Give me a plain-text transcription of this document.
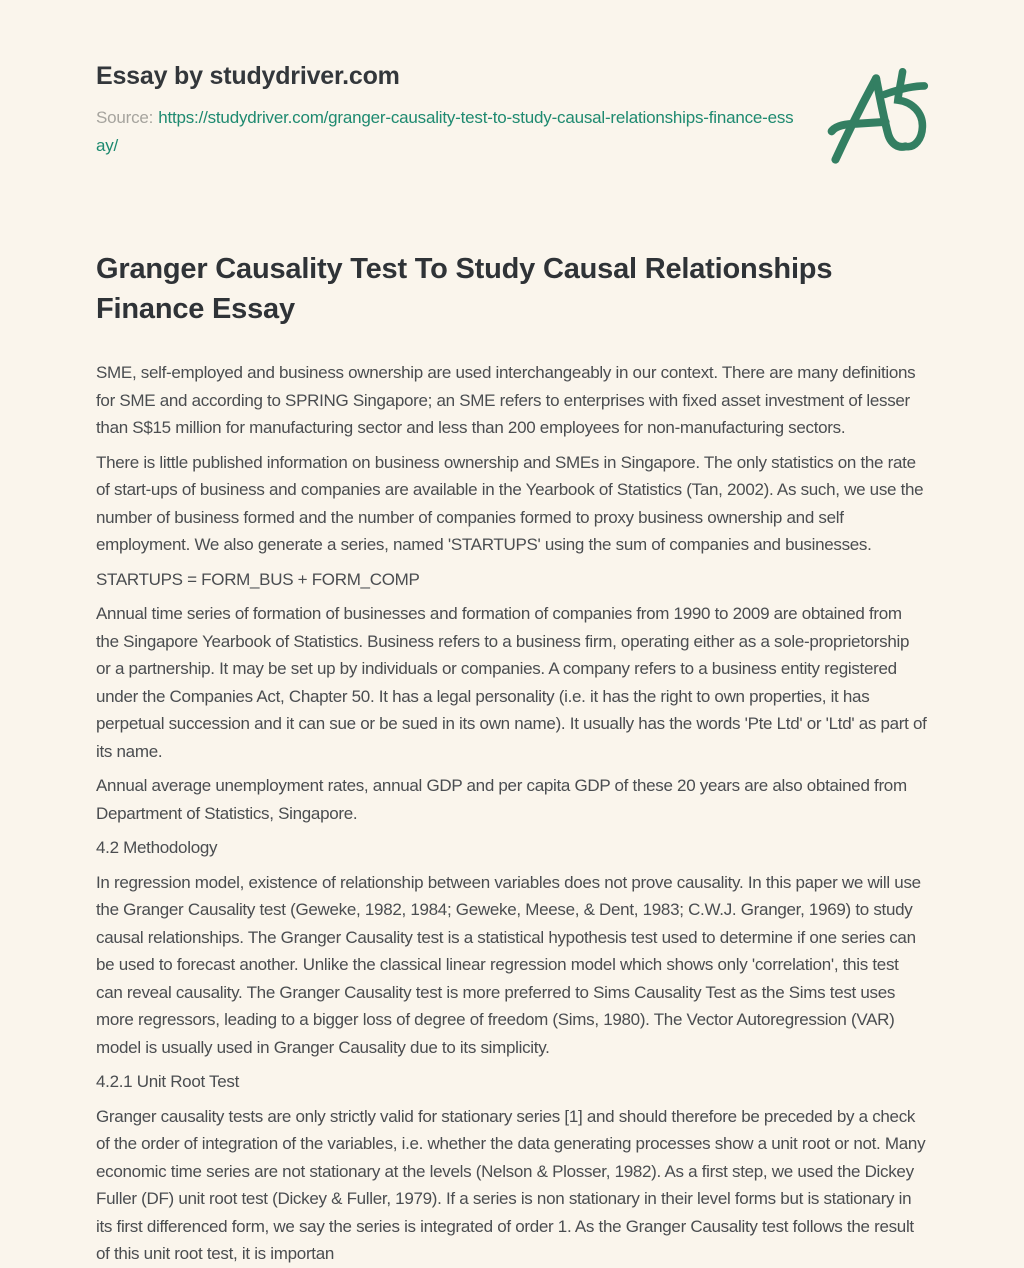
Essay by studydriver.com

Source: https://studydriver.com/granger-causality-test-to-study-causal-relationships-finance-essay/

Granger Causality Test To Study Causal Relationships Finance Essay

SME, self-employed and business ownership are used interchangeably in our context. There are many definitions for SME and according to SPRING Singapore; an SME refers to enterprises with fixed asset investment of lesser than S$15 million for manufacturing sector and less than 200 employees for non-manufacturing sectors.

There is little published information on business ownership and SMEs in Singapore. The only statistics on the rate of start-ups of business and companies are available in the Yearbook of Statistics (Tan, 2002). As such, we use the number of business formed and the number of companies formed to proxy business ownership and self employment. We also generate a series, named 'STARTUPS' using the sum of companies and businesses.

STARTUPS = FORM_BUS + FORM_COMP

Annual time series of formation of businesses and formation of companies from 1990 to 2009 are obtained from the Singapore Yearbook of Statistics. Business refers to a business firm, operating either as a sole-proprietorship or a partnership. It may be set up by individuals or companies. A company refers to a business entity registered under the Companies Act, Chapter 50. It has a legal personality (i.e. it has the right to own properties, it has perpetual succession and it can sue or be sued in its own name). It usually has the words 'Pte Ltd' or 'Ltd' as part of its name.

Annual average unemployment rates, annual GDP and per capita GDP of these 20 years are also obtained from Department of Statistics, Singapore.

4.2 Methodology

In regression model, existence of relationship between variables does not prove causality. In this paper we will use the Granger Causality test (Geweke, 1982, 1984; Geweke, Meese, & Dent, 1983; C.W.J. Granger, 1969) to study causal relationships. The Granger Causality test is a statistical hypothesis test used to determine if one series can be used to forecast another. Unlike the classical linear regression model which shows only 'correlation', this test can reveal causality. The Granger Causality test is more preferred to Sims Causality Test as the Sims test uses more regressors, leading to a bigger loss of degree of freedom (Sims, 1980). The Vector Autoregression (VAR) model is usually used in Granger Causality due to its simplicity.

4.2.1 Unit Root Test

Granger causality tests are only strictly valid for stationary series [1] and should therefore be preceded by a check of the order of integration of the variables, i.e. whether the data generating processes show a unit root or not. Many economic time series are not stationary at the levels (Nelson & Plosser, 1982). As a first step, we used the Dickey Fuller (DF) unit root test (Dickey & Fuller, 1979). If a series is non stationary in their level forms but is stationary in its first differenced form, we say the series is integrated of order 1. As the Granger Causality test follows the result of this unit root test, it is importan
